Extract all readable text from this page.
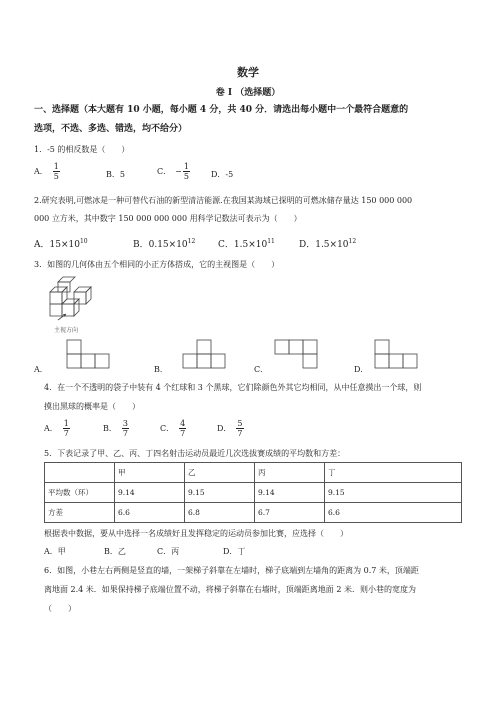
数学
卷 I （选择题）
一、选择题（本大题有 10 小题，每小题 4 分，共 40 分．请选出每小题中一个最符合题意的
选项，不选、多选、错选，均不给分）
1．-5 的相反数是（　　）
A． $\frac{1}{5}$	B．5	C． − $\frac{1}{5}$	D．-5
2.研究表明,可燃冰是一种可替代石油的新型清洁能源.在我国某海域已探明的可燃冰储存量达 150 000 000
000 立方米，其中数字 150 000 000 000 用科学记数法可表示为（　　）
A．$15\times 10^{10}$	B．$0.15\times 10^{12}$	C．$1.5\times 10^{11}$	D．$1.5\times 10^{12}$
3．如图的几何体由五个相同的小正方体搭成，它的主视图是（　　）
主视方向
A．	B．	C．	D．
4．在一个不透明的袋子中装有 4 个红球和 3 个黑球，它们除颜色外其它均相同，从中任意摸出一个球，则
摸出黑球的概率是（　　）
A． $\frac{1}{7}$	B． $\frac{3}{7}$	C． $\frac{4}{7}$	D． $\frac{5}{7}$
5．下表记录了甲、乙、丙、丁四名射击运动员最近几次选拔赛成绩的平均数和方差：
	甲	乙	丙	丁
平均数（环）	9.14	9.15	9.14	9.15
方差	6.6	6.8	6.7	6.6
根据表中数据，要从中选择一名成绩好且发挥稳定的运动员参加比赛，应选择（　　）
A．甲	B．乙	C．丙	D．丁
6．如图，小巷左右两侧是竖直的墙，一架梯子斜靠在左墙时，梯子底端到左墙角的距离为 0.7 米，顶端距
离地面 2.4 米．如果保持梯子底端位置不动，将梯子斜靠在右墙时，顶端距离地面 2 米．则小巷的宽度为
（　　）
